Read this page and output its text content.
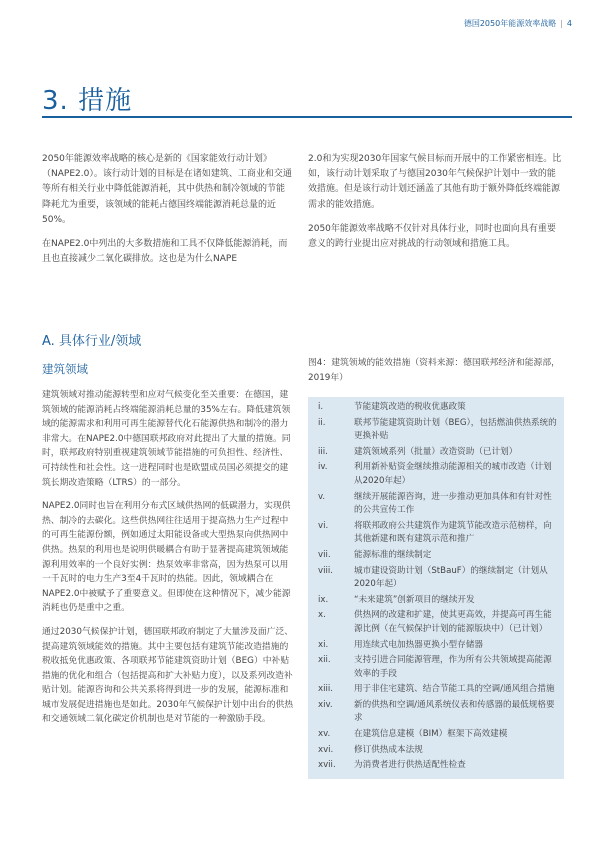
德国2050年能源效率战略 | 4
3. 措施

2050年能源效率战略的核心是新的《国家能效行动计划》（NAPE2.0）。该行动计划的目标是在诸如建筑、工商业和交通等所有相关行业中降低能源消耗，其中供热和制冷领域的节能降耗尤为重要，该领域的能耗占德国终端能源消耗总量的近50%。

在NAPE2.0中列出的大多数措施和工具不仅降低能源消耗，而且也直接减少二氧化碳排放。这也是为什么NAPE

2.0和为实现2030年国家气候目标而开展中的工作紧密相连。比如，该行动计划采取了与德国2030年气候保护计划中一致的能效措施。但是该行动计划还涵盖了其他有助于额外降低终端能源需求的能效措施。

2050年能源效率战略不仅针对具体行业，同时也面向具有重要意义的跨行业提出应对挑战的行动领域和措施工具。

A. 具体行业/领域
建筑领域

建筑领域对推动能源转型和应对气候变化至关重要：在德国，建筑领域的能源消耗占终端能源消耗总量的35%左右。降低建筑领域的能源需求和利用可再生能源替代化石能源供热和制冷的潜力非常大。在NAPE2.0中德国联邦政府对此提出了大量的措施。同时，联邦政府特别重视建筑领域节能措施的可负担性、经济性、可持续性和社会性。这一进程同时也是欧盟成员国必须提交的建筑长期改造策略（LTRS）的一部分。

NAPE2.0同时也旨在利用分布式区域供热网的低碳潜力，实现供热、制冷的去碳化。这些供热网往往适用于提高热力生产过程中的可再生能源份额，例如通过太阳能设备或大型热泵向供热网中供热。热泵的利用也是说明供暖耦合有助于显著提高建筑领域能源利用效率的一个良好实例：热泵效率非常高，因为热泵可以用一千瓦时的电力生产3至4千瓦时的热能。因此，领域耦合在NAPE2.0中被赋予了重要意义。但即使在这种情况下，减少能源消耗也仍是重中之重。

通过2030气候保护计划，德国联邦政府制定了大量涉及面广泛、提高建筑领域能效的措施。其中主要包括有建筑节能改造措施的税收抵免优惠政策、各项联邦节能建筑资助计划（BEG）中补贴措施的优化和组合（包括提高和扩大补贴力度），以及系列改造补贴计划。能源咨询和公共关系将得到进一步的发展，能源标准和城市发展促进措施也是如此。2030年气候保护计划中出台的供热和交通领域二氧化碳定价机制也是对节能的一种激励手段。

图4：建筑领域的能效措施（资料来源：德国联邦经济和能源部，2019年）
i.	节能建筑改造的税收优惠政策
ii.	联邦节能建筑资助计划（BEG），包括燃油供热系统的更换补贴
iii.	建筑领域系列（批量）改造资助（已计划）
iv.	利用新补贴资金继续推动能源相关的城市改造（计划从2020年起）
v.	继续开展能源咨询，进一步推动更加具体和有针对性的公共宣传工作
vi.	将联邦政府公共建筑作为建筑节能改造示范榜样，向其他新建和既有建筑示范和推广
vii.	能源标准的继续制定
viii.	城市建设资助计划（StBauF）的继续制定（计划从2020年起）
ix.	“未来建筑”创新项目的继续开发
x.	供热网的改建和扩建，使其更高效，并提高可再生能源比例（在气候保护计划的能源版块中）（已计划）
xi.	用连续式电加热器更换小型存储器
xii.	支持引进合同能源管理，作为所有公共领域提高能源效率的手段
xiii.	用于非住宅建筑、结合节能工具的空调/通风组合措施
xiv.	新的供热和空调/通风系统仪表和传感器的最低规格要求
xv.	在建筑信息建模（BIM）框架下高效建模
xvi.	修订供热成本法规
xvii.	为消费者进行供热适配性检查
